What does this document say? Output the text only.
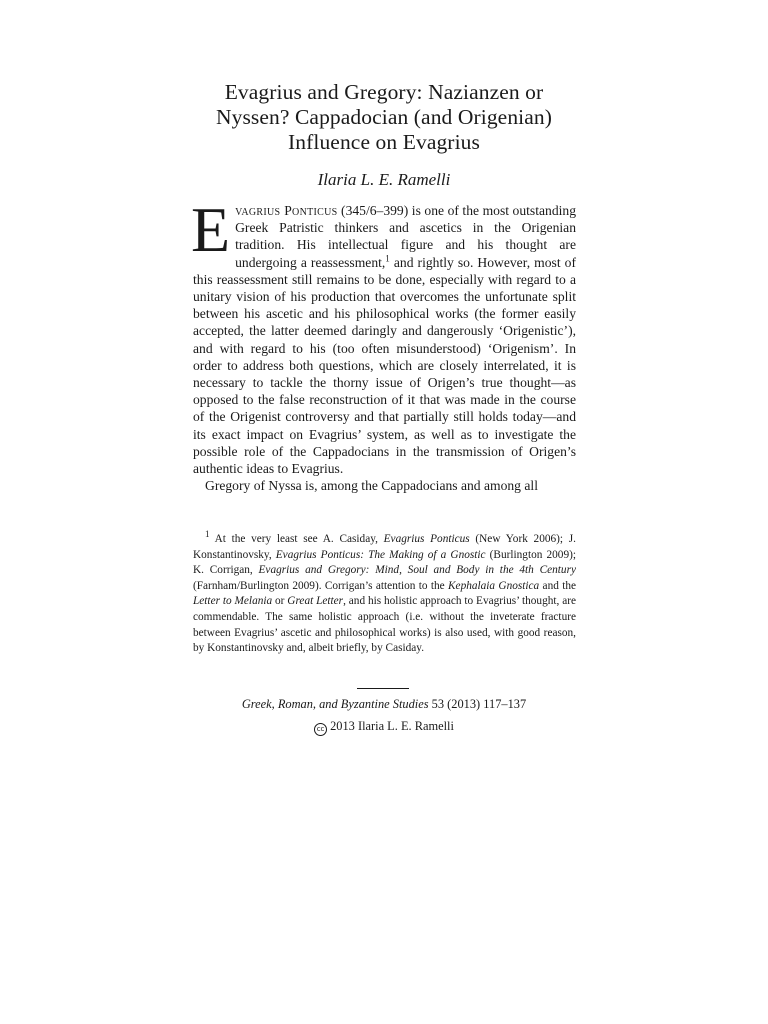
Evagrius and Gregory: Nazianzen or
Nyssen? Cappadocian (and Origenian)
Influence on Evagrius
Ilaria L. E. Ramelli

Evagrius Ponticus (345/6–399) is one of the most outstanding Greek Patristic thinkers and ascetics in the Origenian tradition. His intellectual figure and his thought are undergoing a reassessment,$^1$ and rightly so. However, most of this reassessment still remains to be done, especially with regard to a unitary vision of his production that overcomes the unfortunate split between his ascetic and his philosophical works (the former easily accepted, the latter deemed daringly and dangerously ‘Origenistic’), and with regard to his (too often misunderstood) ‘Origenism’. In order to address both questions, which are closely interrelated, it is necessary to tackle the thorny issue of Origen’s true thought—as opposed to the false reconstruction of it that was made in the course of the Origenist controversy and that partially still holds today—and its exact impact on Evagrius’ system, as well as to investigate the possible role of the Cappadocians in the transmission of Origen’s authentic ideas to Evagrius.

Gregory of Nyssa is, among the Cappadocians and among all

$^1$ At the very least see A. Casiday, Evagrius Ponticus (New York 2006); J. Konstantinovsky, Evagrius Ponticus: The Making of a Gnostic (Burlington 2009); K. Corrigan, Evagrius and Gregory: Mind, Soul and Body in the 4th Century (Farnham/Burlington 2009). Corrigan’s attention to the Kephalaia Gnostica and the Letter to Melania or Great Letter, and his holistic approach to Evagrius’ thought, are commendable. The same holistic approach (i.e. without the inveterate fracture between Evagrius’ ascetic and philosophical works) is also used, with good reason, by Konstantinovsky and, albeit briefly, by Casiday.
Greek, Roman, and Byzantine Studies 53 (2013) 117–137
cc 2013 Ilaria L. E. Ramelli
